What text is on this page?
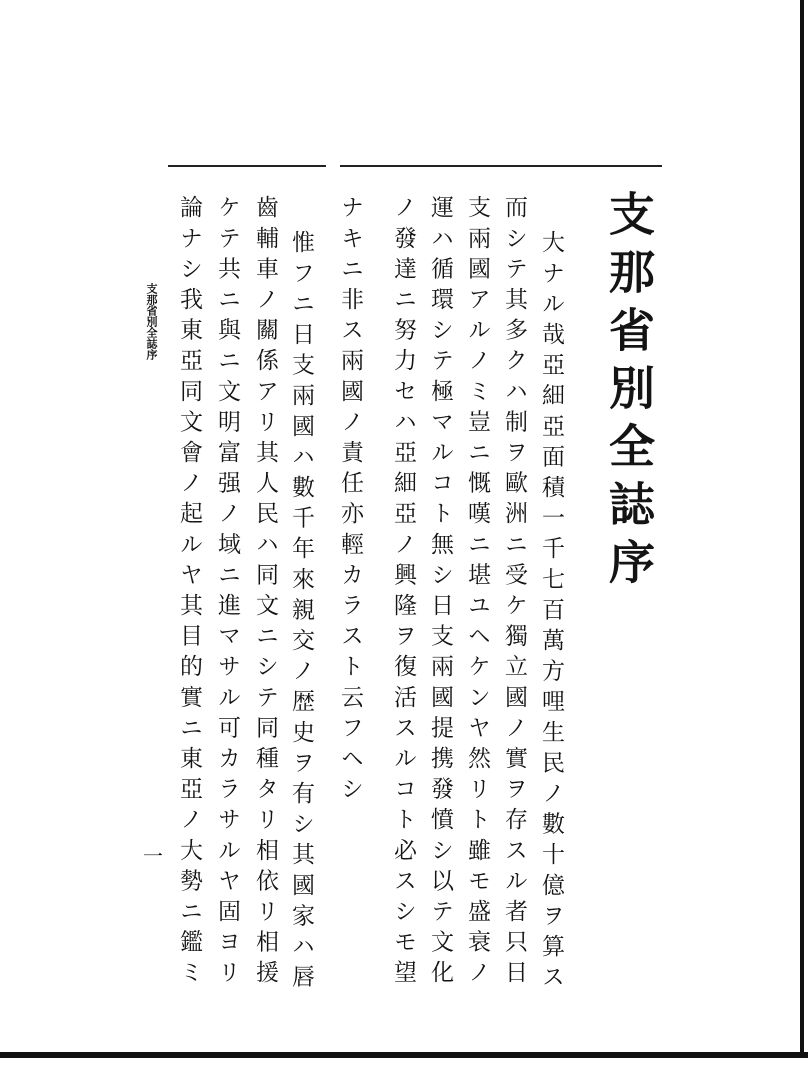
支那省別全誌序
大ナル哉亞細亞面積一千七百萬方哩生民ノ數十億ヲ算ス
而シテ其多クハ制ヲ歐洲ニ受ケ獨立國ノ實ヲ存スル者只日
支兩國アルノミ豈ニ慨嘆ニ堪ユヘケンヤ然リト雖モ盛衰ノ
運ハ循環シテ極マルコト無シ日支兩國提携發憤シ以テ文化
ノ發達ニ努力セハ亞細亞ノ興隆ヲ復活スルコト必スシモ望
ナキニ非ス兩國ノ責任亦輕カラスト云フヘシ
惟フニ日支兩國ハ數千年來親交ノ歴史ヲ有シ其國家ハ唇
齒輔車ノ關係アリ其人民ハ同文ニシテ同種タリ相依リ相援
ケテ共ニ與ニ文明富强ノ域ニ進マサル可カラサルヤ固ヨリ
論ナシ我東亞同文會ノ起ルヤ其目的實ニ東亞ノ大勢ニ鑑ミ
支那省別全誌序
一
